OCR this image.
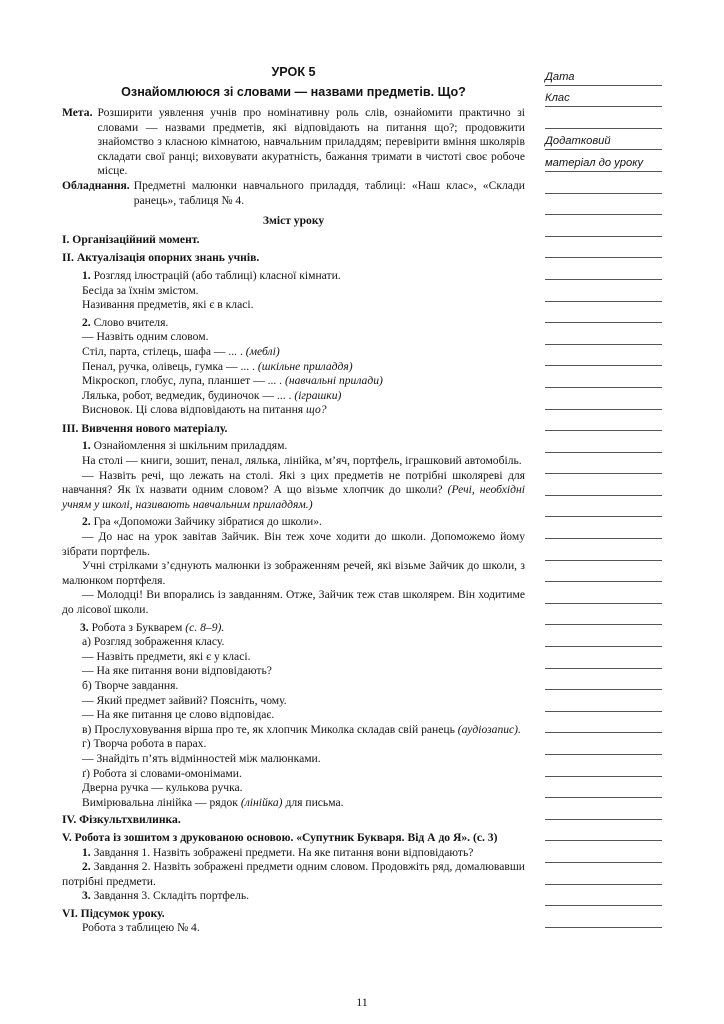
УРОК 5
Ознайомлююся зі словами — назвами предметів. Що?
Мета. Розширити уявлення учнів про номінативну роль слів, ознайомити практично зі словами — назвами предметів, які відповідають на питання що?; продовжити знайомство з класною кімнатою, навчальним приладдям; перевірити вміння школярів складати свої ранці; виховувати акуратність, бажання тримати в чистоті своє робоче місце.
Обладнання. Предметні малюнки навчального приладдя, таблиці: «Наш клас», «Склади ранець», таблиця № 4.
Зміст уроку
I. Організаційний момент.
II. Актуалізація опорних знань учнів.
1. Розгляд ілюстрацій (або таблиці) класної кімнати.
Бесіда за їхнім змістом.
Називання предметів, які є в класі.
2. Слово вчителя.
— Назвіть одним словом.
Стіл, парта, стілець, шафа — ... . (меблі)
Пенал, ручка, олівець, гумка — ... . (шкільне приладдя)
Мікроскоп, глобус, лупа, планшет — ... . (навчальні прилади)
Лялька, робот, ведмедик, будиночок — ... . (іграшки)
Висновок. Ці слова відповідають на питання що?
III. Вивчення нового матеріалу.
1. Ознайомлення зі шкільним приладдям.
На столі — книги, зошит, пенал, лялька, лінійка, м’яч, портфель, іграшковий автомобіль.
— Назвіть речі, що лежать на столі. Які з цих предметів не потрібні школяреві для навчання? Як їх назвати одним словом? А що візьме хлопчик до школи? (Речі, необхідні учням у школі, називають навчальним приладдям.)
2. Гра «Допоможи Зайчику зібратися до школи».
— До нас на урок завітав Зайчик. Він теж хоче ходити до школи. Допоможемо йому зібрати портфель.
Учні стрілками з’єднують малюнки із зображенням речей, які візьме Зайчик до школи, з малюнком портфеля.
— Молодці! Ви впорались із завданням. Отже, Зайчик теж став школярем. Він ходитиме до лісової школи.
3. Робота з Букварем (с. 8–9).
а) Розгляд зображення класу.
— Назвіть предмети, які є у класі.
— На яке питання вони відповідають?
б) Творче завдання.
— Який предмет зайвий? Поясніть, чому.
— На яке питання це слово відповідає.
в) Прослуховування вірша про те, як хлопчик Миколка складав свій ранець (аудіозапис).
г) Творча робота в парах.
— Знайдіть п’ять відмінностей між малюнками.
ґ) Робота зі словами-омонімами.
Дверна ручка — кулькова ручка.
Вимірювальна лінійка — рядок (лінійка) для письма.
IV. Фізкультхвилинка.
V. Робота із зошитом з друкованою основою. «Супутник Букваря. Від А до Я». (с. 3)
1. Завдання 1. Назвіть зображені предмети. На яке питання вони відповідають?
2. Завдання 2. Назвіть зображені предмети одним словом. Продовжіть ряд, домалювавши потрібні предмети.
3. Завдання 3. Складіть портфель.
VI. Підсумок уроку.
Робота з таблицею № 4.
Дата
Клас
Додатковий
матеріал до уроку
11
